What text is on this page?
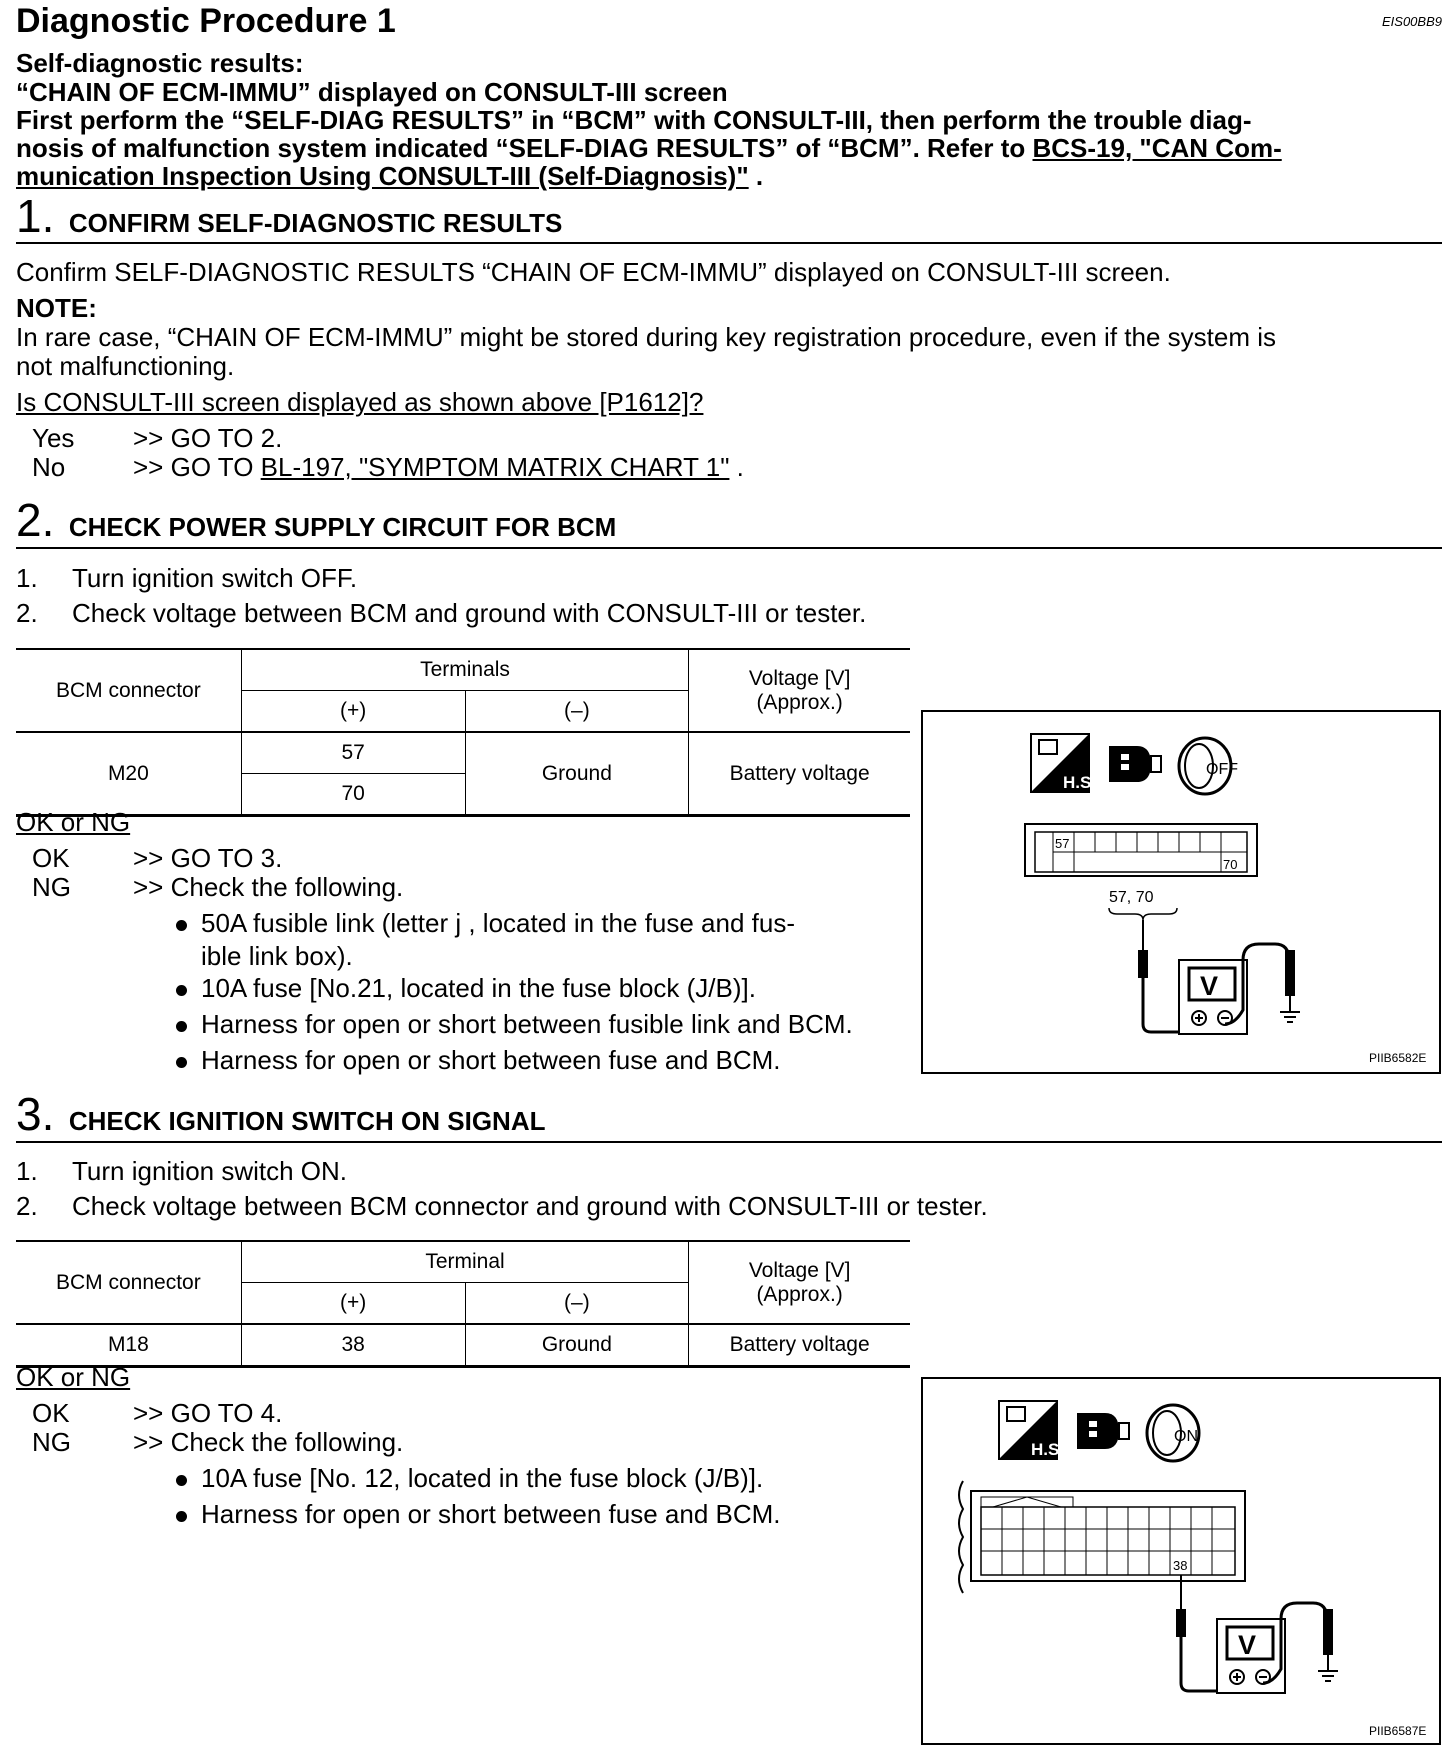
Diagnostic Procedure 1	EIS00BB9
Self-diagnostic results:
“CHAIN OF ECM-IMMU” displayed on CONSULT-III screen
First perform the “SELF-DIAG RESULTS” in “BCM” with CONSULT-III, then perform the trouble diag-
nosis of malfunction system indicated “SELF-DIAG RESULTS” of “BCM”. Refer to BCS-19, "CAN Com-
munication Inspection Using CONSULT-III (Self-Diagnosis)" .
1. CONFIRM SELF-DIAGNOSTIC RESULTS
Confirm SELF-DIAGNOSTIC RESULTS “CHAIN OF ECM-IMMU” displayed on CONSULT-III screen.
NOTE:
In rare case, “CHAIN OF ECM-IMMU” might be stored during key registration procedure, even if the system is
not malfunctioning.
Is CONSULT-III screen displayed as shown above [P1612]?
Yes >> GO TO 2.
No	>> GO TO BL-197, "SYMPTOM MATRIX CHART 1" .
2. CHECK POWER SUPPLY CIRCUIT FOR BCM
1. Turn ignition switch OFF.
2. Check voltage between BCM and ground with CONSULT-III or tester.
BCM connector	Terminals		Voltage [V]
(Approx.)

	(+)	(–)	
M20	57	Ground	Battery voltage
	70		
OK or NG
OK >> GO TO 3.
NG >> Check the following.
50A fusible link (letter j , located in the fuse and fus-
ible link box).
10A fuse [No.21, located in the fuse block (J/B)].
Harness for open or short between fusible link and BCM.
Harness for open or short between fuse and BCM.
H.S.
OFF
57
70
57, 70
V
PIIB6582E
3. CHECK IGNITION SWITCH ON SIGNAL
1. Turn ignition switch ON.
2. Check voltage between BCM connector and ground with CONSULT-III or tester.
BCM connector	Terminal		Voltage [V]
(Approx.)

	(+)	(–)	
M18	38	Ground	Battery voltage
OK or NG
OK >> GO TO 4.
NG >> Check the following.
10A fuse [No. 12, located in the fuse block (J/B)].
Harness for open or short between fuse and BCM.
H.S.
ON
38
V
PIIB6587E
